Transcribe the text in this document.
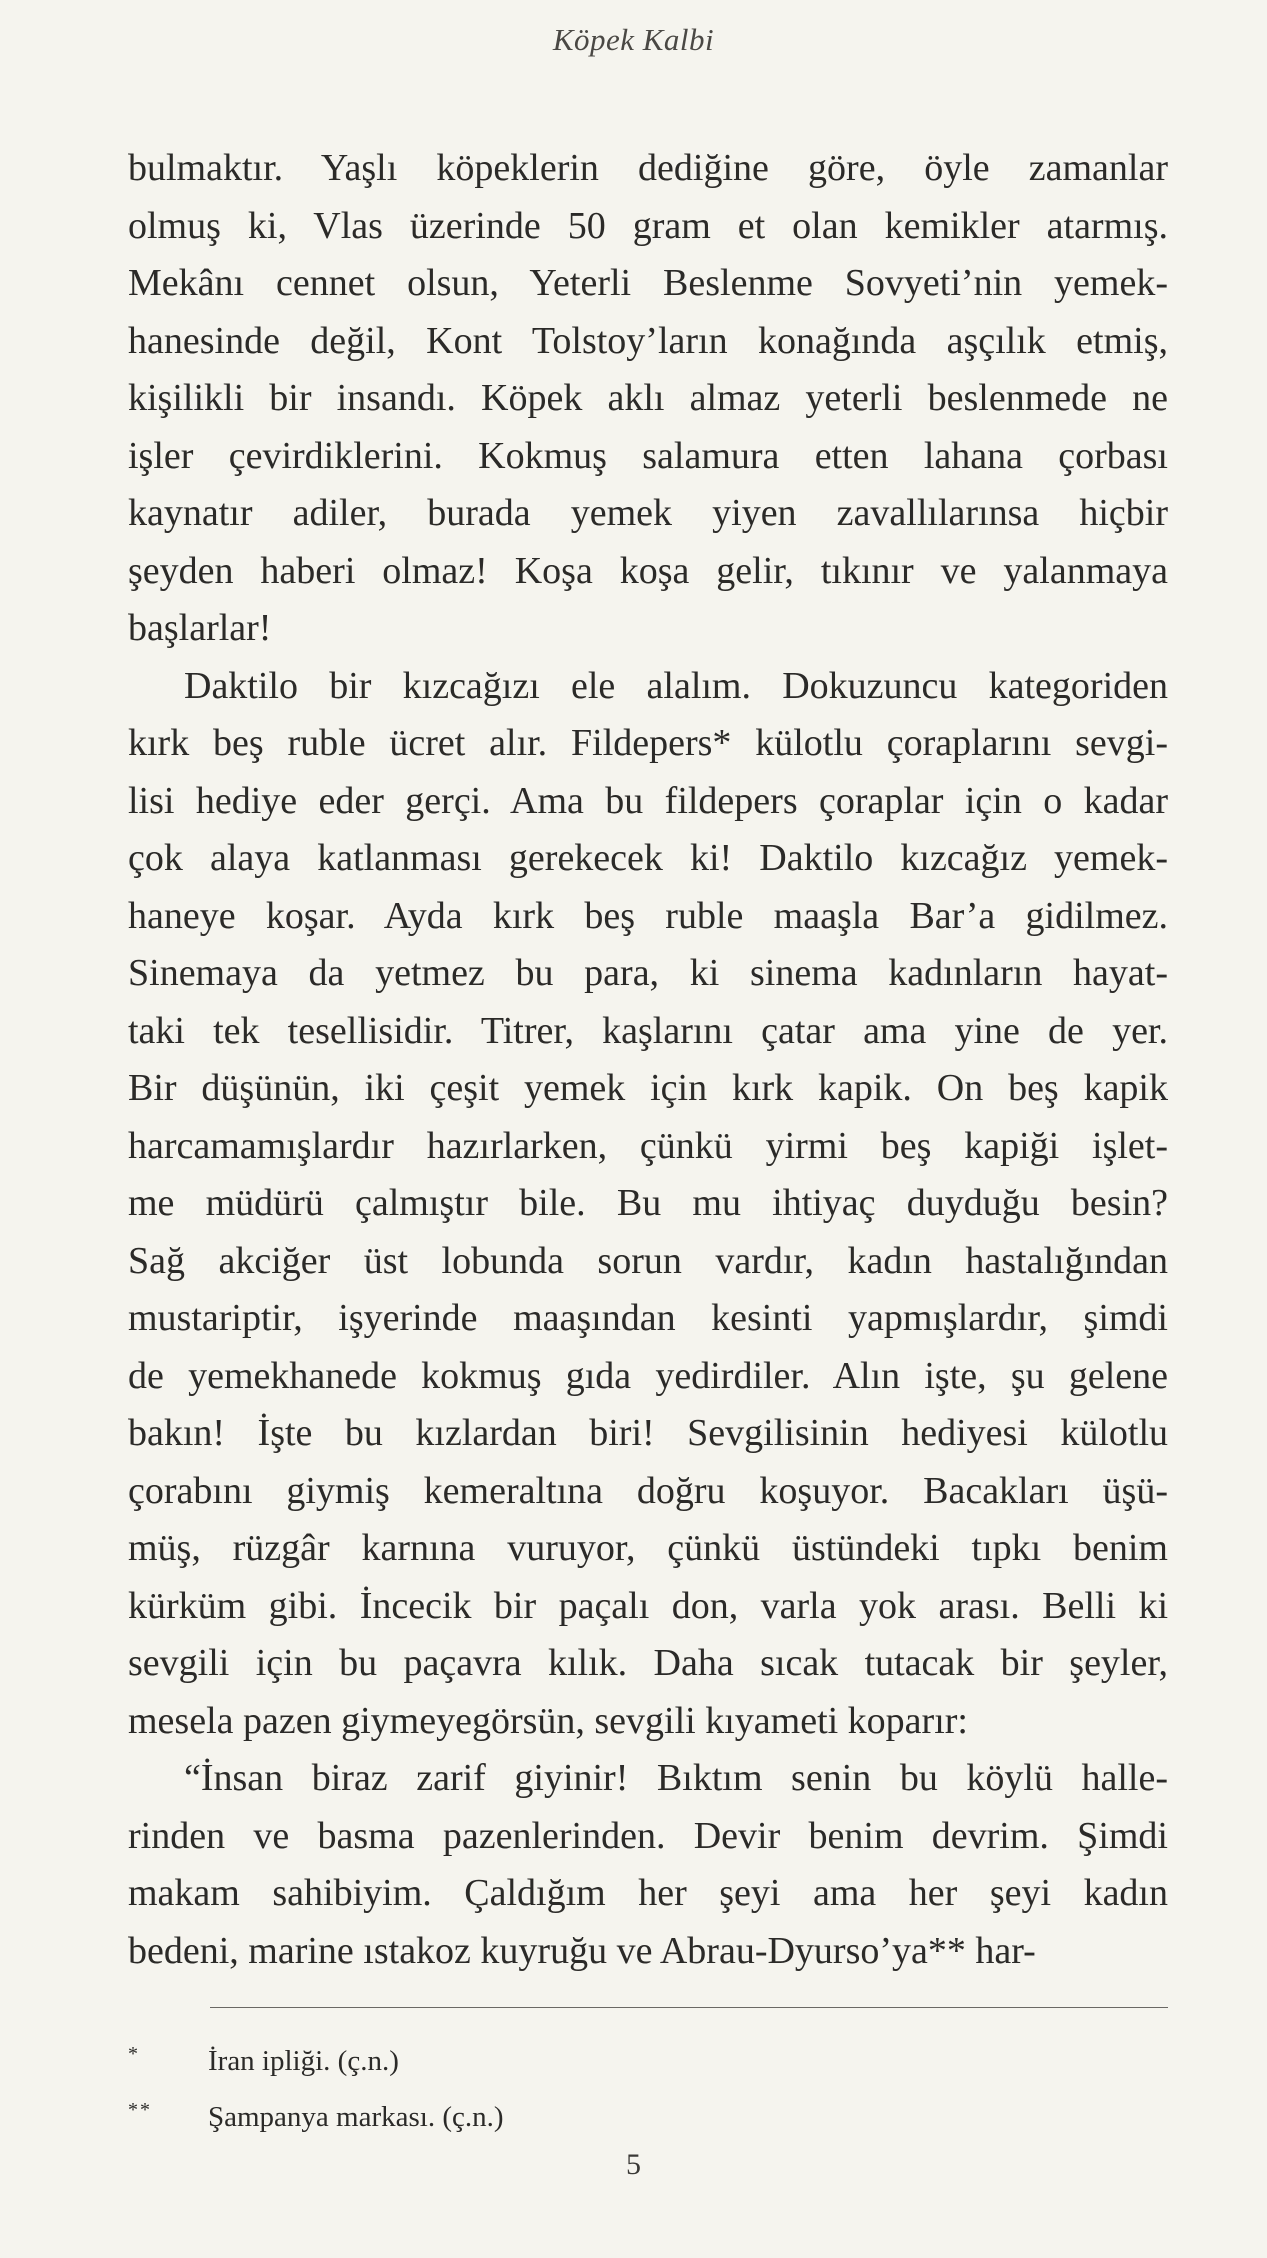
Köpek Kalbi

bulmaktır. Yaşlı köpeklerin dediğine göre, öyle zamanlar
olmuş ki, Vlas üzerinde 50 gram et olan kemikler atarmış.
Mekânı cennet olsun, Yeterli Beslenme Sovyeti’nin yemek-
hanesinde değil, Kont Tolstoy’ların konağında aşçılık etmiş,
kişilikli bir insandı. Köpek aklı almaz yeterli beslenmede ne
işler çevirdiklerini. Kokmuş salamura etten lahana çorbası
kaynatır adiler, burada yemek yiyen zavallılarınsa hiçbir
şeyden haberi olmaz! Koşa koşa gelir, tıkınır ve yalanmaya
başlarlar!

Daktilo bir kızcağızı ele alalım. Dokuzuncu kategoriden
kırk beş ruble ücret alır. Fildepers* külotlu çoraplarını sevgi-
lisi hediye eder gerçi. Ama bu fildepers çoraplar için o kadar
çok alaya katlanması gerekecek ki! Daktilo kızcağız yemek-
haneye koşar. Ayda kırk beş ruble maaşla Bar’a gidilmez.
Sinemaya da yetmez bu para, ki sinema kadınların hayat-
taki tek tesellisidir. Titrer, kaşlarını çatar ama yine de yer.
Bir düşünün, iki çeşit yemek için kırk kapik. On beş kapik
harcamamışlardır hazırlarken, çünkü yirmi beş kapiği işlet-
me müdürü çalmıştır bile. Bu mu ihtiyaç duyduğu besin?
Sağ akciğer üst lobunda sorun vardır, kadın hastalığından
mustariptir, işyerinde maaşından kesinti yapmışlardır, şimdi
de yemekhanede kokmuş gıda yedirdiler. Alın işte, şu gelene
bakın! İşte bu kızlardan biri! Sevgilisinin hediyesi külotlu
çorabını giymiş kemeraltına doğru koşuyor. Bacakları üşü-
müş, rüzgâr karnına vuruyor, çünkü üstündeki tıpkı benim
kürküm gibi. İncecik bir paçalı don, varla yok arası. Belli ki
sevgili için bu paçavra kılık. Daha sıcak tutacak bir şeyler,
mesela pazen giymeyegörsün, sevgili kıyameti koparır:

“İnsan biraz zarif giyinir! Bıktım senin bu köylü halle-
rinden ve basma pazenlerinden. Devir benim devrim. Şimdi
makam sahibiyim. Çaldığım her şeyi ama her şeyi kadın
bedeni, marine ıstakoz kuyruğu ve Abrau-Dyurso’ya** har-

*	İran ipliği. (ç.n.)
**	Şampanya markası. (ç.n.)
5
